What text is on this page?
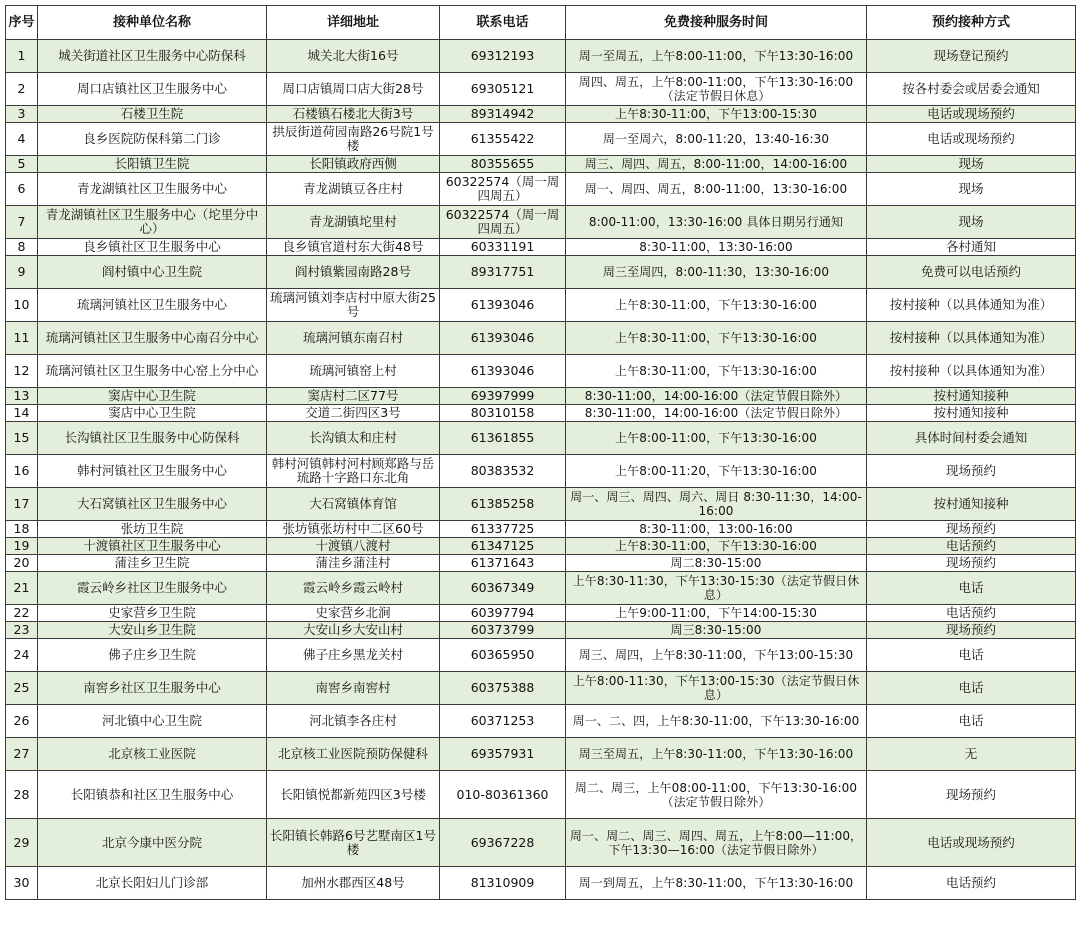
序号	接种单位名称	详细地址	联系电话	免费接种服务时间	预约接种方式
1	城关街道社区卫生服务中心防保科	城关北大街16号	69312193	周一至周五，上午8:00-11:00，下午13:30-16:00	现场登记预约
2	周口店镇社区卫生服务中心	周口店镇周口店大街28号	69305121	周四、周五，上午8:00-11:00，下午13:30-16:00（法定节假日休息）	按各村委会或居委会通知
3	石楼卫生院	石楼镇石楼北大街3号	89314942	上午8:30-11:00，下午13:00-15:30	电话或现场预约
4	良乡医院防保科第二门诊	拱辰街道荷园南路26号院1号楼	61355422	周一至周六，8:00-11:20，13:40-16:30	电话或现场预约
5	长阳镇卫生院	长阳镇政府西侧	80355655	周三、周四、周五，8:00-11:00，14:00-16:00	现场
6	青龙湖镇社区卫生服务中心	青龙湖镇豆各庄村	60322574（周一周四周五）	周一、周四、周五，8:00-11:00，13:30-16:00	现场
7	青龙湖镇社区卫生服务中心（坨里分中心）	青龙湖镇坨里村	60322574（周一周四周五）	8:00-11:00，13:30-16:00 具体日期另行通知	现场
8	良乡镇社区卫生服务中心	良乡镇官道村东大街48号	60331191	8:30-11:00，13:30-16:00	各村通知
9	阎村镇中心卫生院	阎村镇紫园南路28号	89317751	周三至周四，8:00-11:30，13:30-16:00	免费可以电话预约
10	琉璃河镇社区卫生服务中心	琉璃河镇刘李店村中原大街25号	61393046	上午8:30-11:00，下午13:30-16:00	按村接种（以具体通知为准）
11	琉璃河镇社区卫生服务中心南召分中心	琉璃河镇东南召村	61393046	上午8:30-11:00，下午13:30-16:00	按村接种（以具体通知为准）
12	琉璃河镇社区卫生服务中心窑上分中心	琉璃河镇窑上村	61393046	上午8:30-11:00，下午13:30-16:00	按村接种（以具体通知为准）
13	窦店中心卫生院	窦店村二区77号	69397999	8:30-11:00，14:00-16:00（法定节假日除外）	按村通知接种
14	窦店中心卫生院	交道二街四区3号	80310158	8:30-11:00，14:00-16:00（法定节假日除外）	按村通知接种
15	长沟镇社区卫生服务中心防保科	长沟镇太和庄村	61361855	上午8:00-11:00，下午13:30-16:00	具体时间村委会通知
16	韩村河镇社区卫生服务中心	韩村河镇韩村河村顾郑路与岳琉路十字路口东北角	80383532	上午8:00-11:20，下午13:30-16:00	现场预约
17	大石窝镇社区卫生服务中心	大石窝镇体育馆	61385258	周一、周三、周四、周六、周日 8:30-11:30，14:00-16:00	按村通知接种
18	张坊卫生院	张坊镇张坊村中二区60号	61337725	8:30-11:00，13:00-16:00	现场预约
19	十渡镇社区卫生服务中心	十渡镇八渡村	61347125	上午8:30-11:00，下午13:30-16:00	电话预约
20	蒲洼乡卫生院	蒲洼乡蒲洼村	61371643	周二8:30-15:00	现场预约
21	霞云岭乡社区卫生服务中心	霞云岭乡霞云岭村	60367349	上午8:30-11:30，下午13:30-15:30（法定节假日休息）	电话
22	史家营乡卫生院	史家营乡北涧	60397794	上午9:00-11:00，下午14:00-15:30	电话预约
23	大安山乡卫生院	大安山乡大安山村	60373799	周三8:30-15:00	现场预约
24	佛子庄乡卫生院	佛子庄乡黑龙关村	60365950	周三、周四，上午8:30-11:00，下午13:00-15:30	电话
25	南窖乡社区卫生服务中心	南窖乡南窖村	60375388	上午8:00-11:30，下午13:00-15:30（法定节假日休息）	电话
26	河北镇中心卫生院	河北镇李各庄村	60371253	周一、二、四，上午8:30-11:00，下午13:30-16:00	电话
27	北京核工业医院	北京核工业医院预防保健科	69357931	周三至周五，上午8:30-11:00，下午13:30-16:00	无
28	长阳镇恭和社区卫生服务中心	长阳镇悦都新苑四区3号楼	010-80361360	周二、周三，上午08:00-11:00，下午13:30-16:00（法定节假日除外）	现场预约
29	北京今康中医分院	长阳镇长韩路6号艺墅南区1号楼	69367228	周一、周二、周三、周四、周五，上午8:00—11:00，下午13:30—16:00（法定节假日除外）	电话或现场预约
30	北京长阳妇儿门诊部	加州水郡西区48号	81310909	周一到周五，上午8:30-11:00，下午13:30-16:00	电话预约
